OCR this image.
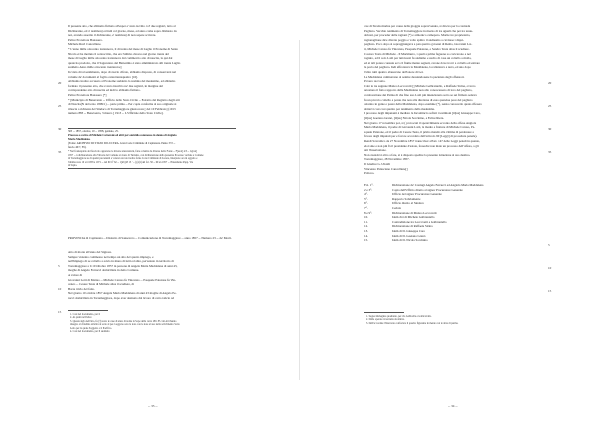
Il presente atto, che abbiamo firmato all'esper e' stato iscritto col' due registri, letto al
Dichiarante, ed a' testimonj ed indi col giorno, mese, ed anno come sopra. Rimasto da
noi, avendo asserito il dichiarante, e' testimonj di non sapere scrivere.
Pelice Prorettore Bonasero.
Michele Ruvi Cancelliere.
* L'anno mille ottocento trentanove, il di trenta del mese di Luglio il Pronome di Santo
Nicola et ha mettuto il sottoscritto, che era l'ultimo cinorso nel giorno trenta del
mese di Luglio mille ottocento trentanove dal commercio atto di nascita, la qui dal
quale ha prodotto, che il Sagrestano del Battezimo è stato amministrato alli trenta Luglio
suddetto Anno mille ottocento trentanove]
In vista di tal sentimento, dopo di averlo cifrato, abbiamo disposto, di conservarsi nel
volume de' documenti al foglio centottantaquattro [16].
Abbiamo inoltre accusato al Pronome suddetto la nomina del medesimo, ed abbiamo
formato il presente atto, che è stato inscritto ne' due registri, in margine del
corrispondente atto di nascita ed indi lo abbiamo firmato.
Pelice Prorettore Bonasero [*]
* [Municipio di Benevento -- Ufficio dello Stato Civile -- Estratto dal Registro degli atti
di Nascita(N del terzo 1809/1) -- parte prima -- Per copia conforme al suo originale si
rilascia a richiesta del Sindaco di Torremaggiore giusta nota [ del 10 Febbraio] (1913
numero 883 -- Benevento, 3 marzo [ 1913 -- L'Ufficiale dello Stato Civile].
20
25
30
35
303 -- 1857, ottobre, 10 -- 1858, gennaio, 25.
Processo a carico di Michele Carnevale ed altri per omicidio commesso in danno di Angiola
Maria Maddalena.
(Fonte: ARCHIVIO DI STATO DI LUCERA. Gran Corte Criminale di Capitanata. Punto 372 --
fascio 40/7, F9).
* Nel frontespizio del fascicolo appaiono le diverse annotazioni, fatte a matita da diverse dello Fonte -- F[asol] 4/3 -- G[ran]
1857 -- n dichiarazione alla Vittoria del Comune si avuto di Turismo, con dichiarazione della presenza Processo verbale a Comune
di Torremaggiore su di quanti precedenti a volersi cercato inoltre fonte Corte Criminale di Lucera, Interprete ora in oggetto e
l'ultima note 10 ott 1858 a 1971 -- del 60 n° 62 -- 1[nb]18 13 ' -- (p)/(1)del fol. 58 -- 69 an 1857 -- l'Intendente Papp. Via
di Sapia.
PROVINCIA di Capitanata -- Distretto di Sansevero -- Comunicazione di Torremaggiore -- anno 1857 -- Numero 23 -- de' Morti.
Atto di morte all'anno del Signore.
Sempre violento commesso nel tempo un alto del quarto impiego, e
nell'impiego di se coltello a aculo in mano di tutti ed altre, pervenuto in territorio di
Torremaggiore a li 10 Ottobre 1857 in persona di Angela Maria Maddalena di anni 43,
moglie di Angelo Ferrucci domiciliata in detto Comune.
A valore di
Giovanni Lotti di Matteo -- Michele Caruso fu Vincenzo -- Pasquale Paiatone fu Vin-
cenzo -- Cesare Testa di Michele alias il scudiere, di
Borre trivio del fatto.
Nel giorno 10 ottobre 1857 Angela Maria Maddalena di anni 43 moglie di Angelo Pe-
rucci domiciliata in Torremaggiore, dopo aver desinato dal lavoro di certo taticio ad
5
10
15
1. Così nel documento, per il
2. Ai quali nel Pelice
3. Questa sigla nell'atto, fu (3) sotto le case di anno di nome la Sope della carta 180. 85. Gli Atti hanno
disegno al cittadino un'altra al sotto al per. Leggono solo la nota con le note al suo nella scrivimento Sotto
Letto per la quale Soggetto o il Pacifico.
4. Così nel documento, per Il suddetto
-- 33 --
ove di Strada marina per causa della gioggia sopravvenuta, si diceva per la contrada
Pagliaro. Vecchio tenimento di Torremaggiore in mezzo di tre uguali che per tre tessu-
doboni, per proceder delle ragioni (*) e armonico cameparo. Morite tre proprietario,
ragionaglione dice diverte poggio e volto spittro il andiesmo a cavirese i diqui-
pagliaro. Poco dopo si sopraggiungeva a pan quattro govesui di Remo, Giovanni Lot-
ti, Michele Caruso fu Vincenzo, Pasquale Paiatone, e Sandro Testa alias il scudiere.
Costoro Testa di Michele - Il Marimurro, i quali a prima faguone so coricarono e nel
togniro, ed il solo Lotti per tuttavuoti fu andiamo e uscito di casa un coltello a molla,
ed ai tali potere consuia ecco il fiume mente segnati, carone dove trovò a coltello ed entrare
la porta del pagliaro. Indi affrontava la Maddalena, la rallentava a terra, ed uno dopo
l'altro tutti quattro abusavano dell'onore di Lei.
La Maddalena caminavano al sentire dessiandosene la pazienza degli offensori.
Povero racconto.
Calò le tre sugnate Matteo Leccovetti [] Michele Galbraniello, e Raffaele Strina, ovvero
arrestano il fatto rapporto dalla Maddalena non allo conoscessero di loro del pagliaro,
coraboratione dei Patina di che fino suo Lotti più intenzionato sotto se sei firmato sedeva
fu un piccolo coltello a ponte che non alla direttone di esso quarelae pace del pagliaro
ottarnto in gente e passò della Maddalena, dopo esamine (*), senza conoscerlo quale offesero
abitarvi così cosi quattro per tenimento della medesima.
I processo degli imputanti è mediato la Incomincio sofisti i testimoni [Ojus] Giuseppe Caro,
[Ojus] Gaetano Granò, [Ojus] Nicola Sorcinino, e Felice Riera.
Nel giorno 17 novembre poi, si ( provocati il speravilmente ecconto della offesa Angiola
Maria Maddalena, il padre di Giovanni Lotti, la madre e fratture di Michele Caruso, Pa-
squale Paiatone, ed il padre di Cesare Testa, il primo mandò alla vittima di perdonare a
favore degli imputati per e favore accordato dall'articolo 90 [Leggi] di procedura penale).
Rendì Sovrattico da 27 Novembre 1857 transcriver all'art. 147 delle Leggi penali in quanto,
eloi sine e non più fà il presidente d'estate, fosseché non male un processo dell'offesa, a gli
atti l'insertazione.
Non avendovi altro a fare, si è disposto spedire la presente istruzione al suo destino.
Torremaggiore, 28 Novembre 1857.
Il Giudice G. Ubaldi
Vincenzo Palasciano Cancelliere[]
Policeo.
20
25
30
35
Fol. 1°.	Dichiarazione de' Coniugi Angelo Ferrucci ed Angiola Maria Maddalena
2 e 3°.	Copia dell'Ufficio diretto al signor Procuratore Generale
4°.	Ufficio del signor Procuratore Generale
5°.	Rapporto Sobriamente
6°.	Ufficio diretto al Sindaco
7°.	Cedola
8 e 9°.	Dichiarazione di Matteo Leccovetti
10.	Idem d'et di Michele Galbraniello
11.	Contradizione tra Leccovetti e Galbraniello
12.	Dichiarazione di Raffaele Strina
13.	Idem di D. Giuseppe Caro
14.	Idem di D. Gaetano Granò
15.	Idem di D. Nicola Sorcinino
5
10
15
1. Segue immagine quadrante, per via Gallicella e Gallicavallo.
2. Dalle operate ricostruita da sinitra.
3. Dell'accordate l'interrotte confortato il quadro figurante in mente con le altre di parma.
-- 34 --
